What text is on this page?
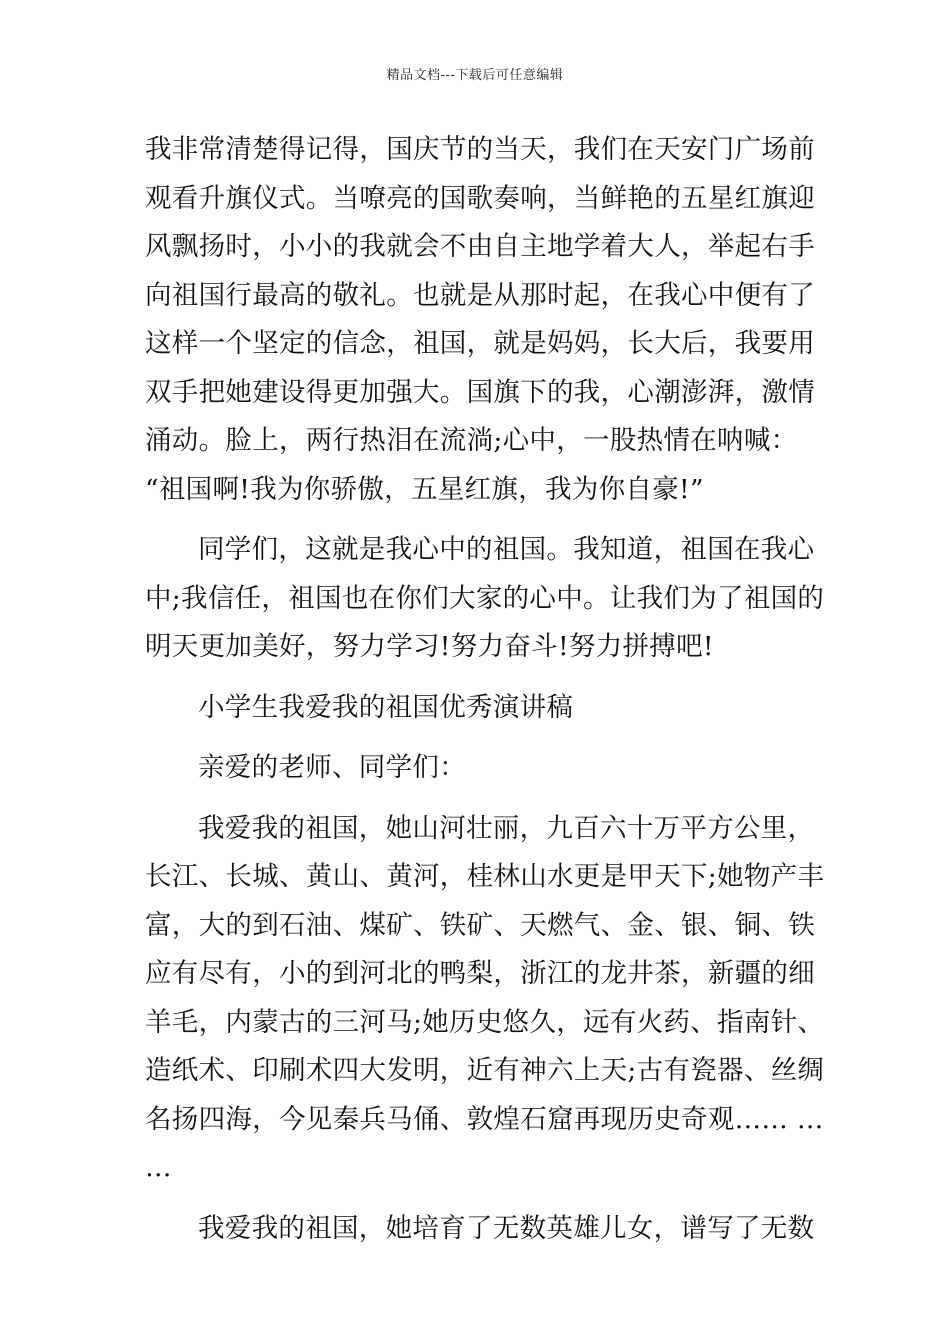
精品文档---下载后可任意编辑
我非常清楚得记得，国庆节的当天，我们在天安门广场前
观看升旗仪式。当嘹亮的国歌奏响，当鲜艳的五星红旗迎
风飘扬时，小小的我就会不由自主地学着大人，举起右手
向祖国行最高的敬礼。也就是从那时起，在我心中便有了
这样一个坚定的信念，祖国，就是妈妈，长大后，我要用
双手把她建设得更加强大。国旗下的我，心潮澎湃，激情
涌动。脸上，两行热泪在流淌;心中，一股热情在呐喊：
“祖国啊!我为你骄傲，五星红旗，我为你自豪!”
同学们，这就是我心中的祖国。我知道，祖国在我心
中;我信任，祖国也在你们大家的心中。让我们为了祖国的
明天更加美好，努力学习!努力奋斗!努力拼搏吧!
小学生我爱我的祖国优秀演讲稿
亲爱的老师、同学们：
我爱我的祖国，她山河壮丽，九百六十万平方公里，
长江、长城、黄山、黄河，桂林山水更是甲天下;她物产丰
富，大的到石油、煤矿、铁矿、天燃气、金、银、铜、铁
应有尽有，小的到河北的鸭梨，浙江的龙井茶，新疆的细
羊毛，内蒙古的三河马;她历史悠久，远有火药、指南针、
造纸术、印刷术四大发明，近有神六上天;古有瓷器、丝绸
名扬四海，今见秦兵马俑、敦煌石窟再现历史奇观…… …
…
我爱我的祖国，她培育了无数英雄儿女，谱写了无数
